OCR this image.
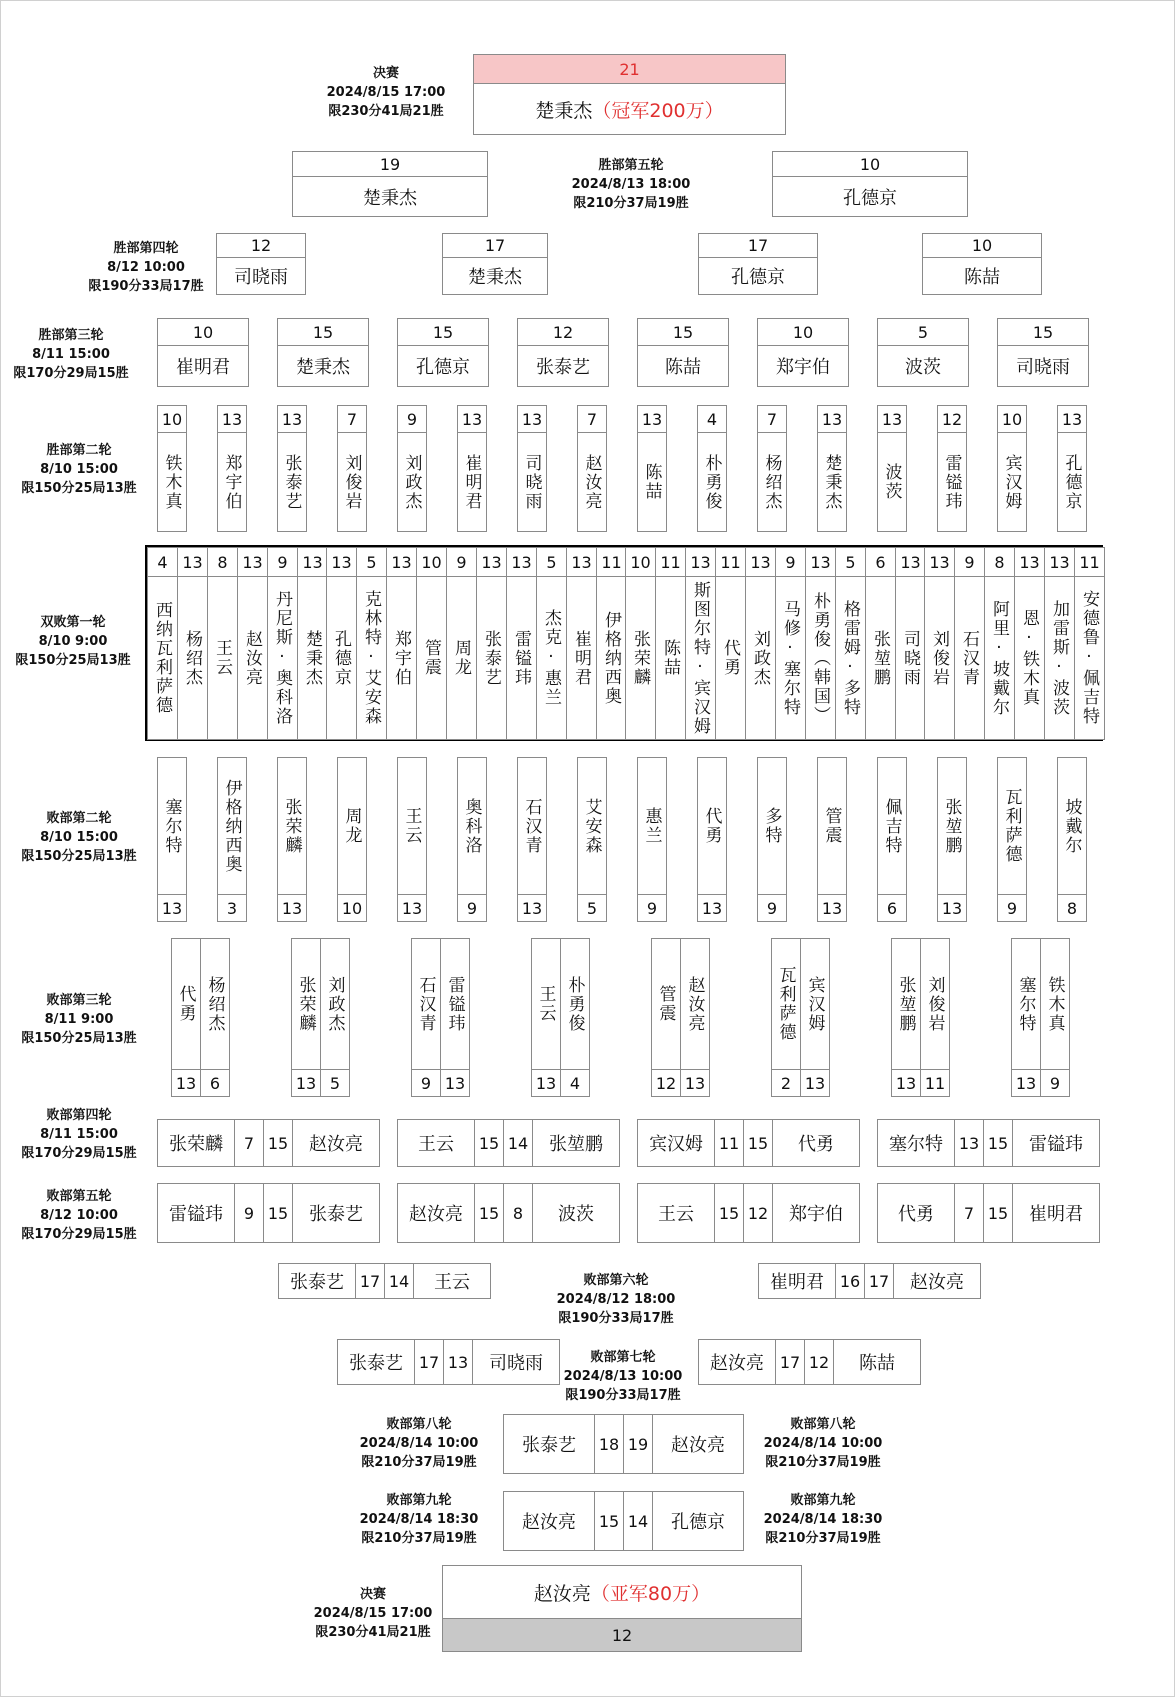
决赛
2024/8/15 17:00
限230分41局21胜
21
楚秉杰 （冠军200万）
胜部第五轮
2024/8/13 18:00
限210分37局19胜
19
楚秉杰
10
孔德京
胜部第四轮
8/12 10:00
限190分33局17胜
12
司晓雨
17
楚秉杰
17
孔德京
10
陈喆
胜部第三轮
8/11 15:00
限170分29局15胜
10
崔明君
15
楚秉杰
15
孔德京
12
张泰艺
15
陈喆
10
郑宇伯
5
波茨
15
司晓雨
胜部第二轮
8/10 15:00
限150分25局13胜
10
铁木真
13
郑宇伯
13
张泰艺
7
刘俊岩
9
刘政杰
13
崔明君
13
司晓雨
7
赵汝亮
13
陈喆
4
朴勇俊
7
杨绍杰
13
楚秉杰
13
波茨
12
雷镒玮
10
宾汉姆
13
孔德京
双败第一轮
8/10 9:00
限150分25局13胜
4
西纳瓦利萨德
13
杨绍杰
8
王云
13
赵汝亮
9
丹尼斯·奥科洛
13
楚秉杰
13
孔德京
5
克林特·艾安森
13
郑宇伯
10
管震
9
周龙
13
张泰艺
13
雷镒玮
5
杰克·惠兰
13
崔明君
11
伊格纳西奥
10
张荣麟
11
陈喆
13
斯图尔特·宾汉姆
11
代勇
13
刘政杰
9
马修·塞尔特
13
朴勇俊（韩国）
5
格雷姆·多特
6
张堃鹏
13
司晓雨
13
刘俊岩
9
石汉青
8
阿里·坡戴尔
13
恩·铁木真
13
加雷斯·波茨
11
安德鲁·佩吉特
败部第二轮
8/10 15:00
限150分25局13胜
塞尔特
13
伊格纳西奥
3
张荣麟
13
周龙
10
王云
13
奥科洛
9
石汉青
13
艾安森
5
惠兰
9
代勇
13
多特
9
管震
13
佩吉特
6
张堃鹏
13
瓦利萨德
9
坡戴尔
8
败部第三轮
8/11 9:00
限150分25局13胜
代勇
13
杨绍杰
6
张荣麟
13
刘政杰
5
石汉青
9
雷镒玮
13
王云
13
朴勇俊
4
管震
12
赵汝亮
13
瓦利萨德
2
宾汉姆
13
张堃鹏
13
刘俊岩
11
塞尔特
13
铁木真
9
败部第四轮
8/11 15:00
限170分29局15胜	张荣麟	7 15	赵汝亮	王云	15 14	张堃鹏	宾汉姆 11 15	代勇	塞尔特 13 15	雷镒玮
败部第五轮
8/12 10:00
限170分29局15胜
雷镒玮	9 15	张泰艺	赵汝亮 15 8	波茨	王云	15 12	郑宇伯	代勇	7 15	崔明君
败部第六轮
2024/8/12 18:00
限190分33局17胜
张泰艺 17 14	王云	崔明君 16 17	赵汝亮
败部第七轮
2024/8/13 10:00
限190分33局17胜
张泰艺 17 13	司晓雨	赵汝亮 17 12	陈喆
败部第八轮
2024/8/14 10:00
限210分37局19胜
败部第八轮
2024/8/14 10:00
限210分37局19胜
张泰艺	18 19	赵汝亮
败部第九轮
2024/8/14 18:30
限210分37局19胜
败部第九轮
2024/8/14 18:30
限210分37局19胜
赵汝亮	15 14	孔德京
决赛
2024/8/15 17:00
限230分41局21胜
赵汝亮 （亚军80万）
12
